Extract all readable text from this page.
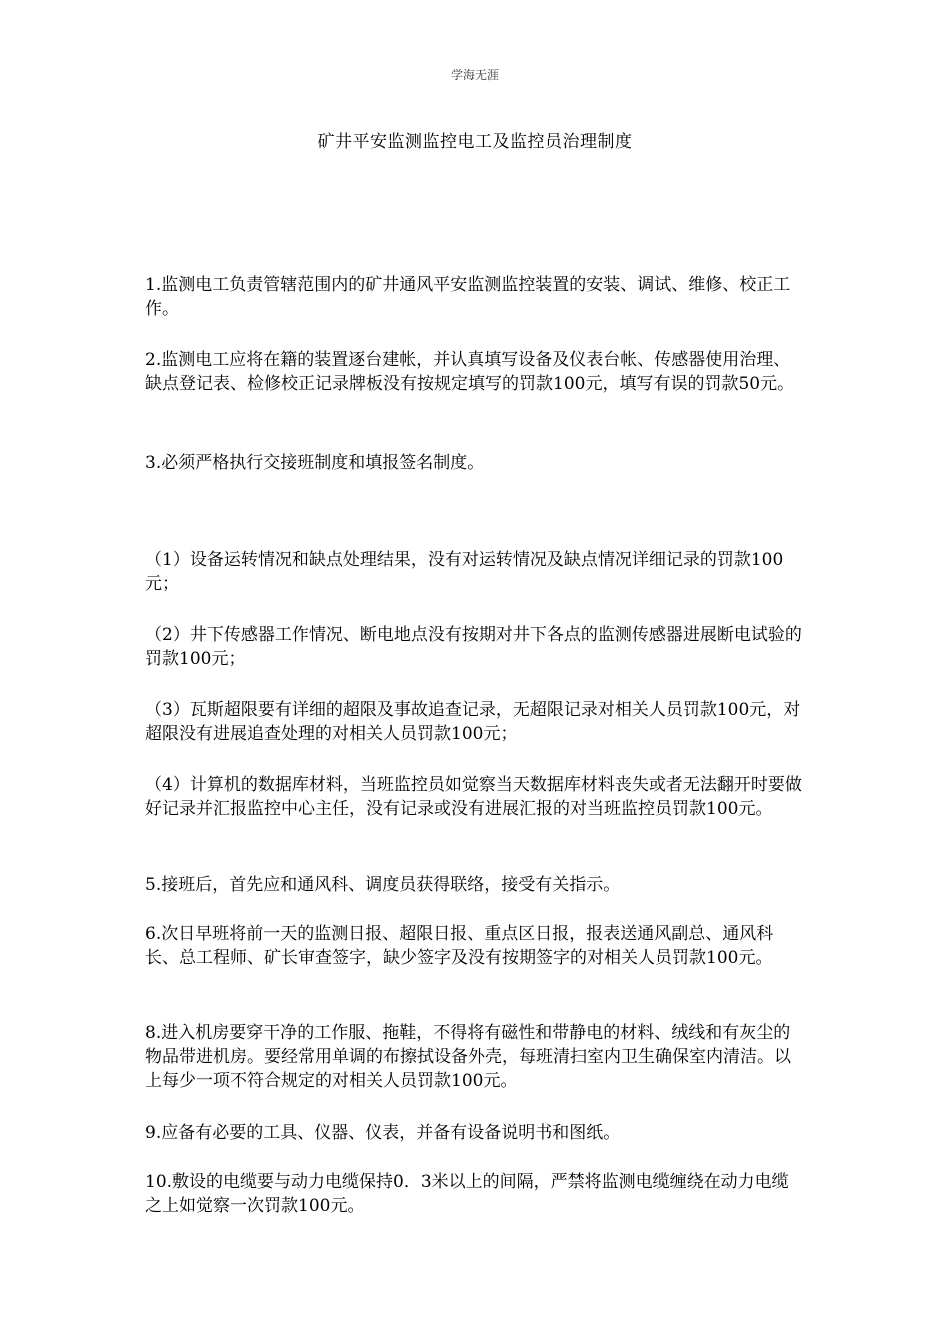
学海无涯
矿井平安监测监控电工及监控员治理制度

1.监测电工负责管辖范围内的矿井通风平安监测监控装置的安装、调试、维修、校正工作。

2.监测电工应将在籍的装置逐台建帐，并认真填写设备及仪表台帐、传感器使用治理、缺点登记表、检修校正记录牌板没有按规定填写的罚款100元，填写有误的罚款50元。

3.必须严格执行交接班制度和填报签名制度。

（1）设备运转情况和缺点处理结果，没有对运转情况及缺点情况详细记录的罚款100元；

（2）井下传感器工作情况、断电地点没有按期对井下各点的监测传感器进展断电试验的罚款100元；

（3）瓦斯超限要有详细的超限及事故追查记录，无超限记录对相关人员罚款100元，对超限没有进展追查处理的对相关人员罚款100元；

（4）计算机的数据库材料，当班监控员如觉察当天数据库材料丧失或者无法翻开时要做好记录并汇报监控中心主任，没有记录或没有进展汇报的对当班监控员罚款100元。

5.接班后，首先应和通风科、调度员获得联络，接受有关指示。

6.次日早班将前一天的监测日报、超限日报、重点区日报，报表送通风副总、通风科长、总工程师、矿长审查签字，缺少签字及没有按期签字的对相关人员罚款100元。

8.进入机房要穿干净的工作服、拖鞋，不得将有磁性和带静电的材料、绒线和有灰尘的物品带进机房。要经常用单调的布擦拭设备外壳，每班清扫室内卫生确保室内清洁。以上每少一项不符合规定的对相关人员罚款100元。

9.应备有必要的工具、仪器、仪表，并备有设备说明书和图纸。

10.敷设的电缆要与动力电缆保持0．3米以上的间隔，严禁将监测电缆缠绕在动力电缆之上如觉察一次罚款100元。
